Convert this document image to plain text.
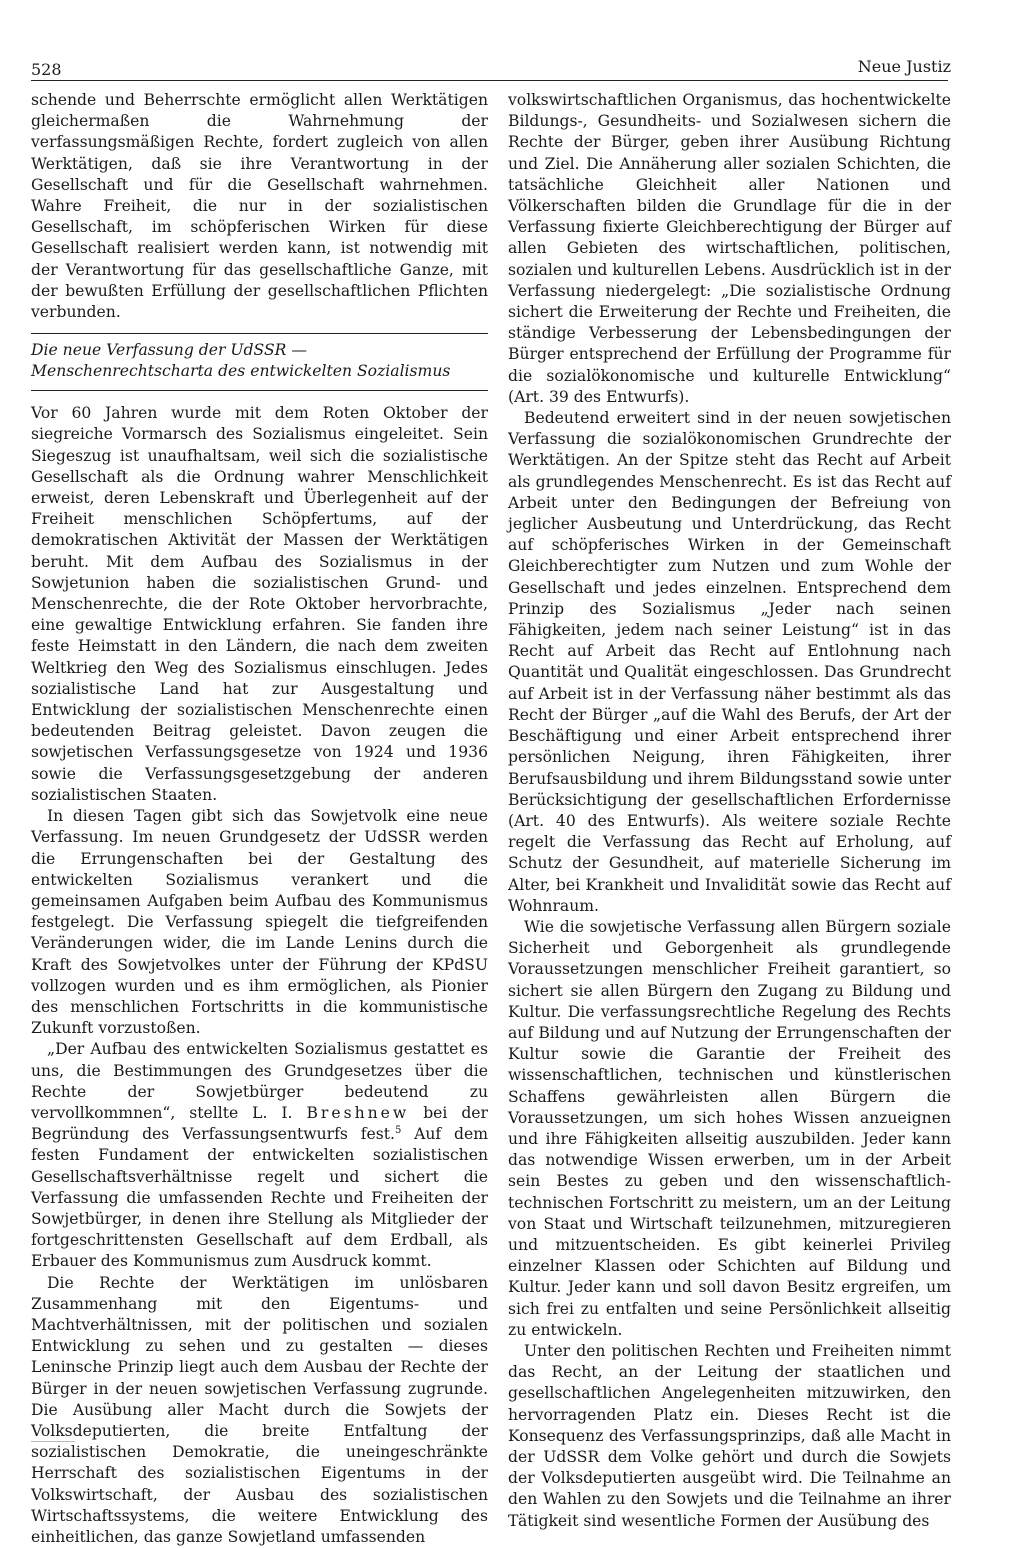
528	Neue Justiz

schende und Beherrschte ermöglicht allen Werktätigen gleichermaßen die Wahrnehmung der verfassungsmäßigen Rechte, fordert zugleich von allen Werktätigen, daß sie ihre Verantwortung in der Gesellschaft und für die Gesellschaft wahrnehmen. Wahre Freiheit, die nur in der sozialistischen Gesellschaft, im schöpferischen Wirken für diese Gesellschaft realisiert werden kann, ist notwendig mit der Verantwortung für das gesellschaftliche Ganze, mit der bewußten Erfüllung der gesellschaftlichen Pflichten verbunden.

Die neue Verfassung der UdSSR —
Menschenrechtscharta des entwickelten Sozialismus

Vor 60 Jahren wurde mit dem Roten Oktober der siegreiche Vormarsch des Sozialismus eingeleitet. Sein Siegeszug ist unaufhaltsam, weil sich die sozialistische Gesellschaft als die Ordnung wahrer Menschlichkeit erweist, deren Lebenskraft und Überlegenheit auf der Freiheit menschlichen Schöpfertums, auf der demokratischen Aktivität der Massen der Werktätigen beruht. Mit dem Aufbau des Sozialismus in der Sowjetunion haben die sozialistischen Grund- und Menschenrechte, die der Rote Oktober hervorbrachte, eine gewaltige Entwicklung erfahren. Sie fanden ihre feste Heimstatt in den Ländern, die nach dem zweiten Weltkrieg den Weg des Sozialismus einschlugen. Jedes sozialistische Land hat zur Ausgestaltung und Entwicklung der sozialistischen Menschenrechte einen bedeutenden Beitrag geleistet. Davon zeugen die sowjetischen Verfassungsgesetze von 1924 und 1936 sowie die Verfassungsgesetzgebung der anderen sozialistischen Staaten.

In diesen Tagen gibt sich das Sowjetvolk eine neue Verfassung. Im neuen Grundgesetz der UdSSR werden die Errungenschaften bei der Gestaltung des entwickelten Sozialismus verankert und die gemeinsamen Aufgaben beim Aufbau des Kommunismus festgelegt. Die Verfassung spiegelt die tiefgreifenden Veränderungen wider, die im Lande Lenins durch die Kraft des Sowjetvolkes unter der Führung der KPdSU vollzogen wurden und es ihm ermöglichen, als Pionier des menschlichen Fortschritts in die kommunistische Zukunft vorzustoßen.

„Der Aufbau des entwickelten Sozialismus gestattet es uns, die Bestimmungen des Grundgesetzes über die Rechte der Sowjetbürger bedeutend zu vervollkommnen“, stellte L. I. Breshnew bei der Begründung des Verfassungsentwurfs fest.$^5$ Auf dem festen Fundament der entwickelten sozialistischen Gesellschaftsverhältnisse regelt und sichert die Verfassung die umfassenden Rechte und Freiheiten der Sowjetbürger, in denen ihre Stellung als Mitglieder der fortgeschrittensten Gesellschaft auf dem Erdball, als Erbauer des Kommunismus zum Ausdruck kommt.

Die Rechte der Werktätigen im unlösbaren Zusammenhang mit den Eigentums- und Machtverhältnissen, mit der politischen und sozialen Entwicklung zu sehen und zu gestalten — dieses Leninsche Prinzip liegt auch dem Ausbau der Rechte der Bürger in der neuen sowjetischen Verfassung zugrunde. Die Ausübung aller Macht durch die Sowjets der Volksdeputierten, die breite Entfaltung der sozialistischen Demokratie, die uneingeschränkte Herrschaft des sozialistischen Eigentums in der Volkswirtschaft, der Ausbau des sozialistischen Wirtschaftssystems, die weitere Entwicklung des einheitlichen, das ganze Sowjetland umfassenden

volkswirtschaftlichen Organismus, das hochentwickelte Bildungs-, Gesundheits- und Sozialwesen sichern die Rechte der Bürger, geben ihrer Ausübung Richtung und Ziel. Die Annäherung aller sozialen Schichten, die tatsächliche Gleichheit aller Nationen und Völkerschaften bilden die Grundlage für die in der Verfassung fixierte Gleichberechtigung der Bürger auf allen Gebieten des wirtschaftlichen, politischen, sozialen und kulturellen Lebens. Ausdrücklich ist in der Verfassung niedergelegt: „Die sozialistische Ordnung sichert die Erweiterung der Rechte und Freiheiten, die ständige Verbesserung der Lebensbedingungen der Bürger entsprechend der Erfüllung der Programme für die sozialökonomische und kulturelle Entwicklung“ (Art. 39 des Entwurfs).

Bedeutend erweitert sind in der neuen sowjetischen Verfassung die sozialökonomischen Grundrechte der Werktätigen. An der Spitze steht das Recht auf Arbeit als grundlegendes Menschenrecht. Es ist das Recht auf Arbeit unter den Bedingungen der Befreiung von jeglicher Ausbeutung und Unterdrückung, das Recht auf schöpferisches Wirken in der Gemeinschaft Gleichberechtigter zum Nutzen und zum Wohle der Gesellschaft und jedes einzelnen. Entsprechend dem Prinzip des Sozialismus „Jeder nach seinen Fähigkeiten, jedem nach seiner Leistung“ ist in das Recht auf Arbeit das Recht auf Entlohnung nach Quantität und Qualität eingeschlossen. Das Grundrecht auf Arbeit ist in der Verfassung näher bestimmt als das Recht der Bürger „auf die Wahl des Berufs, der Art der Beschäftigung und einer Arbeit entsprechend ihrer persönlichen Neigung, ihren Fähigkeiten, ihrer Berufsausbildung und ihrem Bildungsstand sowie unter Berücksichtigung der gesellschaftlichen Erfordernisse (Art. 40 des Entwurfs). Als weitere soziale Rechte regelt die Verfassung das Recht auf Erholung, auf Schutz der Gesundheit, auf materielle Sicherung im Alter, bei Krankheit und Invalidität sowie das Recht auf Wohnraum.

Wie die sowjetische Verfassung allen Bürgern soziale Sicherheit und Geborgenheit als grundlegende Voraussetzungen menschlicher Freiheit garantiert, so sichert sie allen Bürgern den Zugang zu Bildung und Kultur. Die verfassungsrechtliche Regelung des Rechts auf Bildung und auf Nutzung der Errungenschaften der Kultur sowie die Garantie der Freiheit des wissenschaftlichen, technischen und künstlerischen Schaffens gewährleisten allen Bürgern die Voraussetzungen, um sich hohes Wissen anzueignen und ihre Fähigkeiten allseitig auszubilden. Jeder kann das notwendige Wissen erwerben, um in der Arbeit sein Bestes zu geben und den wissenschaftlich-technischen Fortschritt zu meistern, um an der Leitung von Staat und Wirtschaft teilzunehmen, mitzuregieren und mitzuentscheiden. Es gibt keinerlei Privileg einzelner Klassen oder Schichten auf Bildung und Kultur. Jeder kann und soll davon Besitz ergreifen, um sich frei zu entfalten und seine Persönlichkeit allseitig zu entwickeln.

Unter den politischen Rechten und Freiheiten nimmt das Recht, an der Leitung der staatlichen und gesellschaftlichen Angelegenheiten mitzuwirken, den hervorragenden Platz ein. Dieses Recht ist die Konsequenz des Verfassungsprinzips, daß alle Macht in der UdSSR dem Volke gehört und durch die Sowjets der Volksdeputierten ausgeübt wird. Die Teilnahme an den Wahlen zu den Sowjets und die Teilnahme an ihrer Tätigkeit sind wesentliche Formen der Ausübung des
